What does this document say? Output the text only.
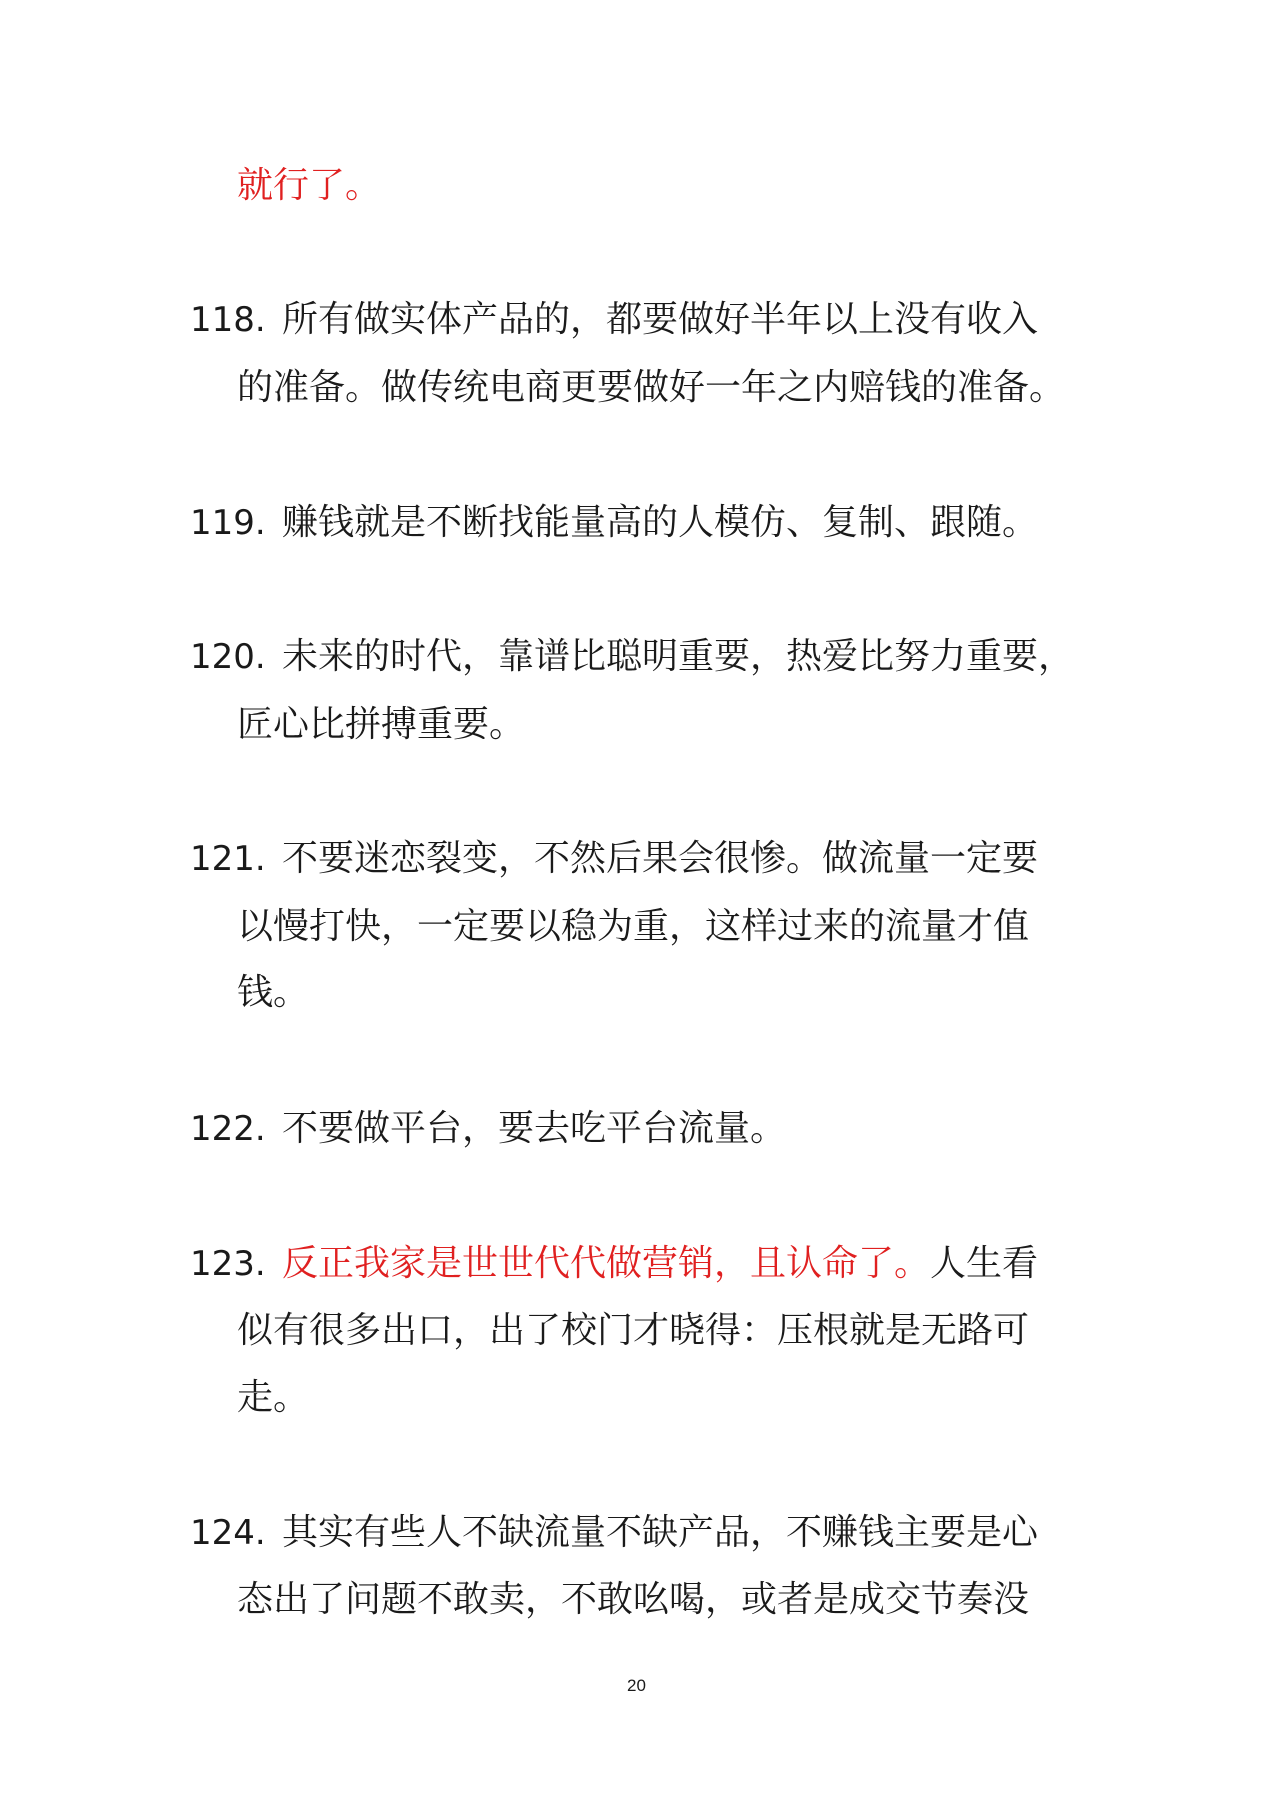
就行了。
118. 所有做实体产品的，都要做好半年以上没有收入
的准备。做传统电商更要做好一年之内赔钱的准备。
119. 赚钱就是不断找能量高的人模仿、复制、跟随。
120. 未来的时代，靠谱比聪明重要，热爱比努力重要，
匠心比拼搏重要。
121. 不要迷恋裂变，不然后果会很惨。做流量一定要
以慢打快，一定要以稳为重，这样过来的流量才值
钱。
122. 不要做平台，要去吃平台流量。
123. 反正我家是世世代代做营销，且认命了。人生看
似有很多出口，出了校门才晓得：压根就是无路可
走。
124. 其实有些人不缺流量不缺产品，不赚钱主要是心
态出了问题不敢卖，不敢吆喝，或者是成交节奏没
20
